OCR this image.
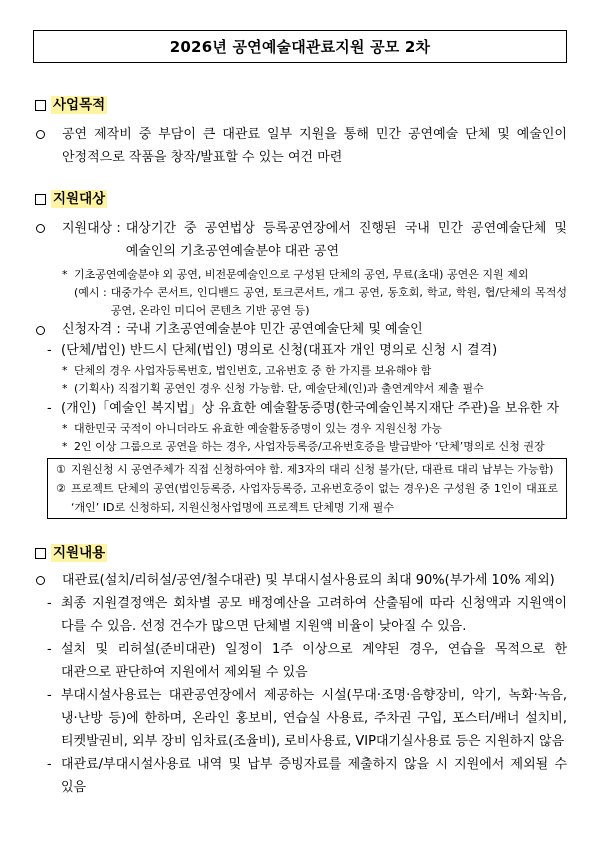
2026년 공연예술대관료지원 공모 2차
사업목적
공연 제작비 중 부담이 큰 대관료 일부 지원을 통해 민간 공연예술 단체 및 예술인이 안정적으로 작품을 창작/발표할 수 있는 여건 마련
지원대상
지원대상 : 대상기간 중 공연법상 등록공연장에서 진행된 국내 민간 공연예술단체 및 예술인의 기초공연예술분야 대관 공연
* 기초공연예술분야 외 공연, 비전문예술인으로 구성된 단체의 공연, 무료(초대) 공연은 지원 제외
(예시 : 대중가수 콘서트, 인디밴드 공연, 토크콘서트, 개그 공연, 동호회, 학교, 학원, 협/단체의 목적성 공연, 온라인 미디어 콘텐츠 기반 공연 등)
신청자격 : 국내 기초공연예술분야 민간 공연예술단체 및 예술인
- (단체/법인) 반드시 단체(법인) 명의로 신청(대표자 개인 명의로 신청 시 결격)
* 단체의 경우 사업자등록번호, 법인번호, 고유번호 중 한 가지를 보유해야 함
* (기획사) 직접기획 공연인 경우 신청 가능함. 단, 예술단체(인)과 출연계약서 제출 필수
- (개인)「예술인 복지법」상 유효한 예술활동증명(한국예술인복지재단 주관)을 보유한 자
* 대한민국 국적이 아니더라도 유효한 예술활동증명이 있는 경우 지원신청 가능
* 2인 이상 그룹으로 공연을 하는 경우, 사업자등록증/고유번호증을 발급받아 ‘단체’명의로 신청 권장
① 지원신청 시 공연주체가 직접 신청하여야 함. 제3자의 대리 신청 불가(단, 대관료 대리 납부는 가능함)
② 프로젝트 단체의 공연(법인등록증, 사업자등록증, 고유번호증이 없는 경우)은 구성원 중 1인이 대표로 ‘개인’ ID로 신청하되, 지원신청사업명에 프로젝트 단체명 기재 필수
지원내용
대관료(설치/리허설/공연/철수대관) 및 부대시설사용료의 최대 90%(부가세 10% 제외)
- 최종 지원결정액은 회차별 공모 배정예산을 고려하여 산출됨에 따라 신청액과 지원액이 다를 수 있음. 선정 건수가 많으면 단체별 지원액 비율이 낮아질 수 있음.
- 설치 및 리허설(준비대관) 일정이 1주 이상으로 계약된 경우, 연습을 목적으로 한 대관으로 판단하여 지원에서 제외될 수 있음
- 부대시설사용료는 대관공연장에서 제공하는 시설(무대·조명·음향장비, 악기, 녹화·녹음, 냉·난방 등)에 한하며, 온라인 홍보비, 연습실 사용료, 주차권 구입, 포스터/배너 설치비, 티켓발권비, 외부 장비 임차료(조율비), 로비사용료, VIP대기실사용료 등은 지원하지 않음
- 대관료/부대시설사용료 내역 및 납부 증빙자료를 제출하지 않을 시 지원에서 제외될 수 있음
